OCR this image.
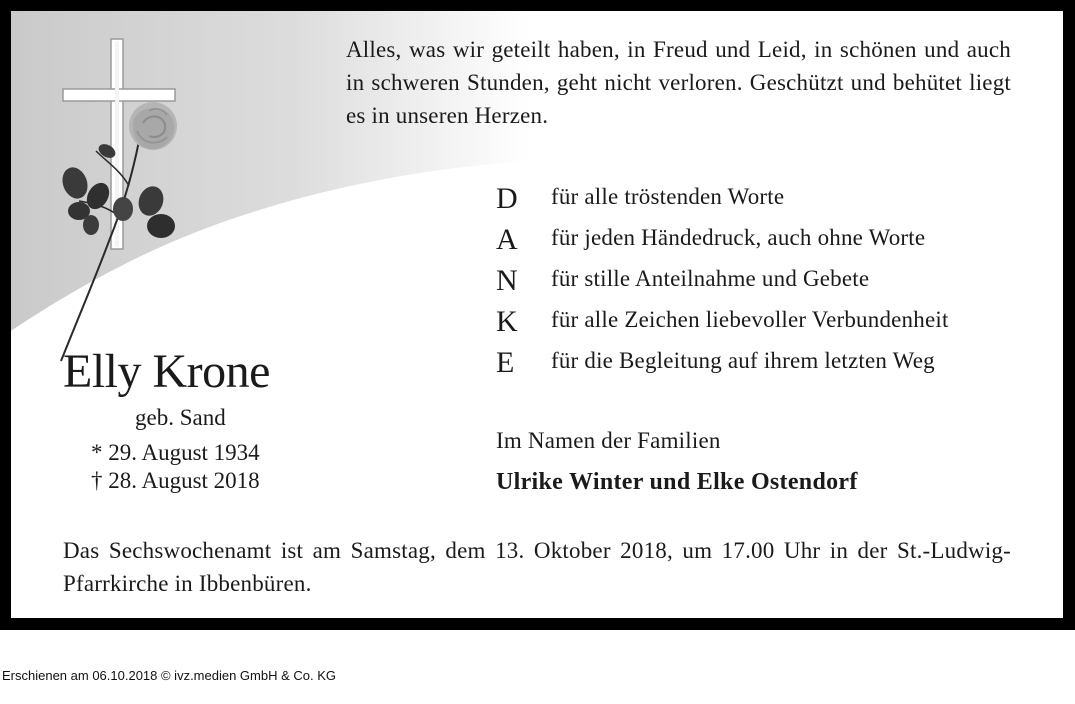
Alles, was wir geteilt haben, in Freud und Leid, in schönen und auch in schweren Stunden, geht nicht verloren. Geschützt und behütet liegt es in unseren Herzen.
D für alle tröstenden Worte
A für jeden Händedruck, auch ohne Worte
N für stille Anteilnahme und Gebete
K für alle Zeichen liebevoller Verbundenheit
E für die Begleitung auf ihrem letzten Weg
Elly Krone
geb. Sand
* 29. August 1934
† 28. August 2018
Im Namen der Familien
Ulrike Winter und Elke Ostendorf
Das Sechswochenamt ist am Samstag, dem 13. Oktober 2018, um 17.00 Uhr in der St.-Ludwig-Pfarrkirche in Ibbenbüren.
Erschienen am 06.10.2018 © ivz.medien GmbH & Co. KG
